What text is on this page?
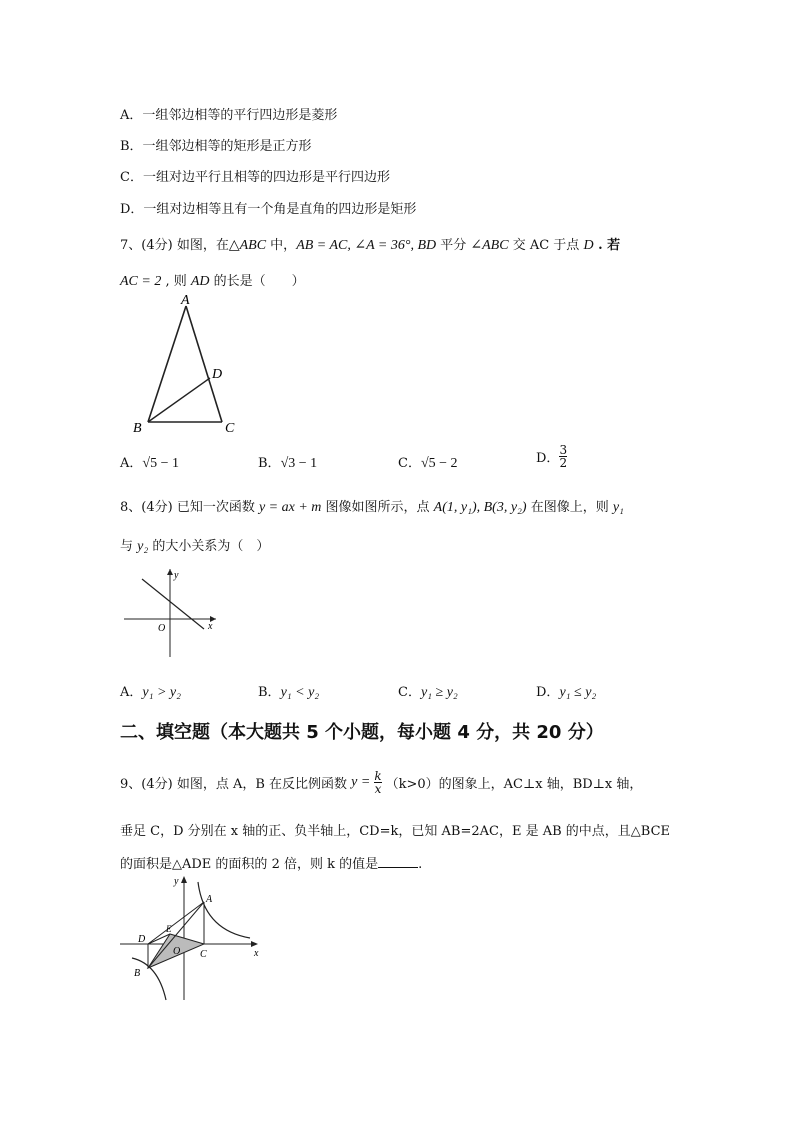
A．一组邻边相等的平行四边形是菱形
B．一组邻边相等的矩形是正方形
C．一组对边平行且相等的四边形是平行四边形
D．一组对边相等且有一个角是直角的四边形是矩形
7、(4分) 如图，在△ABC 中，AB = AC, ∠A = 36°, BD 平分 ∠ABC 交 AC 于点 D . 若
AC = 2 , 则 AD 的长是（　　）
A
B	C
D
A．√5 − 1	B．√3 − 1	C．√5 − 2	D． $\frac{3}{2}$
8、(4分) 已知一次函数 y = ax + m 图像如图所示，点 A(1, y₁), B(3, y₂) 在图像上，则 y₁
与 y₂ 的大小关系为（　）
y
x
O
A．y₁ > y₂	B．y₁ < y₂	C．y₁ ≥ y₂	D．y₁ ≤ y₂
二、填空题（本大题共 5 个小题，每小题 4 分，共 20 分）
9、(4分) 如图，点 A，B 在反比例函数 $y = \frac{k}{x} (k>0)$的图象上，AC⊥x 轴，BD⊥x 轴，
垂足 C，D 分别在 x 轴的正、负半轴上，CD=k，已知 AB=2AC，E 是 AB 的中点，且△BCE
的面积是△ADE 的面积的 2 倍，则 k 的值是	.
y
x
A
B
C
D
E
O
